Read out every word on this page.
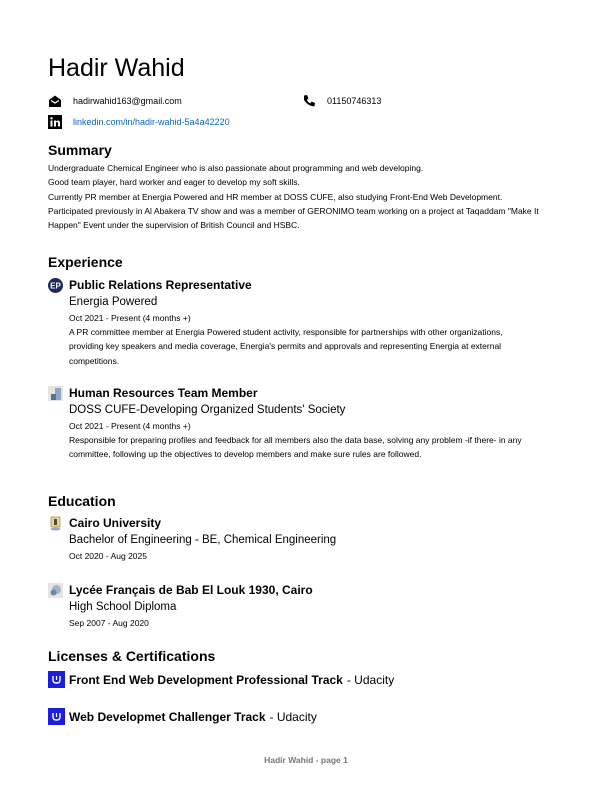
Hadir Wahid
hadirwahid163@gmail.com	01150746313
linkedin.com/in/hadir-wahid-5a4a42220
Summary
Undergraduate Chemical Engineer who is also passionate about programming and web developing.
Good team player, hard worker and eager to develop my soft skills.
Currently PR member at Energia Powered and HR member at DOSS CUFE, also studying Front-End Web Development.
Participated previously in Al Abakera TV show and was a member of GERONIMO team working on a project at Taqaddam "Make It Happen" Event under the supervision of British Council and HSBC.
Experience
EP Public Relations Representative
Energia Powered
Oct 2021 - Present (4 months +)
A PR committee member at Energia Powered student activity, responsible for partnerships with other organizations, providing key speakers and media coverage, Energia's permits and approvals and representing Energia at external competitions.
Human Resources Team Member
DOSS CUFE-Developing Organized Students' Society
Oct 2021 - Present (4 months +)
Responsible for preparing profiles and feedback for all members also the data base, solving any problem -if there- in any committee, following up the objectives to develop members and make sure rules are followed.
Education
Cairo University
Bachelor of Engineering - BE, Chemical Engineering
Oct 2020 - Aug 2025
Lycée Français de Bab El Louk 1930, Cairo
High School Diploma
Sep 2007 - Aug 2020
Licenses & Certifications
Front End Web Development Professional Track - Udacity
Web Developmet Challenger Track - Udacity
Hadir Wahid - page 1
